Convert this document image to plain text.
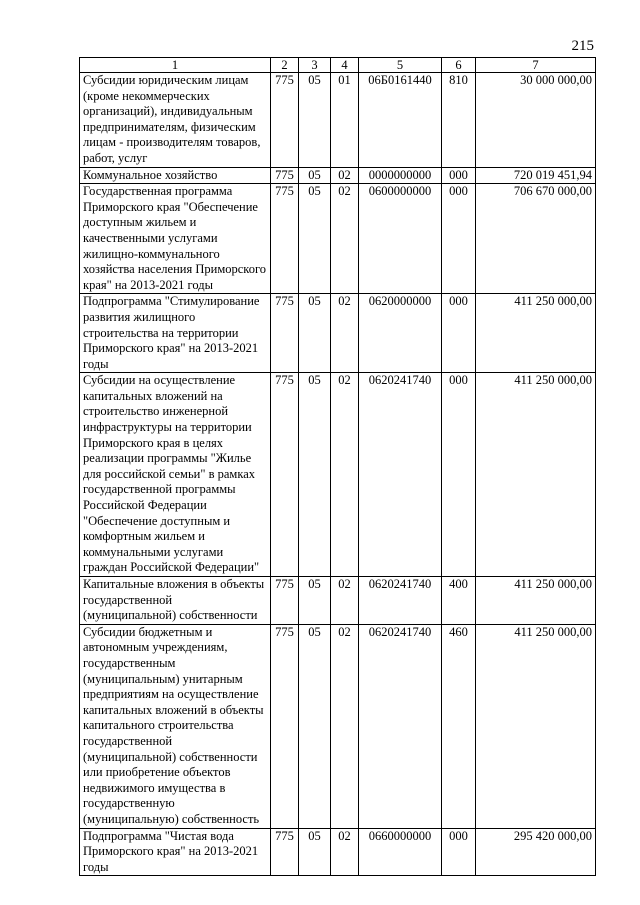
215
1	2	3	4	5	6	7
Субсидии юридическим лицам (кроме некоммерческих организаций), индивидуальным предпринимателям, физическим лицам - производителям товаров, работ, услуг	775	05	01	06Б0161440	810	30 000 000,00
Коммунальное хозяйство	775	05	02	0000000000	000	720 019 451,94
Государственная программа Приморского края "Обеспечение доступным жильем и качественными услугами жилищно-коммунального хозяйства населения Приморского края" на 2013-2021 годы	775	05	02	0600000000	000	706 670 000,00
Подпрограмма "Стимулирование развития жилищного строительства на территории Приморского края" на 2013-2021 годы	775	05	02	0620000000	000	411 250 000,00
Субсидии на осуществление капитальных вложений на строительство инженерной инфраструктуры на территории Приморского края в целях реализации программы "Жилье для российской семьи" в рамках государственной программы Российской Федерации "Обеспечение доступным и комфортным жильем и коммунальными услугами граждан Российской Федерации"	775	05	02	0620241740	000	411 250 000,00
Капитальные вложения в объекты государственной (муниципальной) собственности	775	05	02	0620241740	400	411 250 000,00
Субсидии бюджетным и автономным учреждениям, государственным (муниципальным) унитарным предприятиям на осуществление капитальных вложений в объекты капитального строительства государственной (муниципальной) собственности или приобретение объектов недвижимого имущества в государственную (муниципальную) собственность	775	05	02	0620241740	460	411 250 000,00
Подпрограмма "Чистая вода Приморского края" на 2013-2021 годы	775	05	02	0660000000	000	295 420 000,00
